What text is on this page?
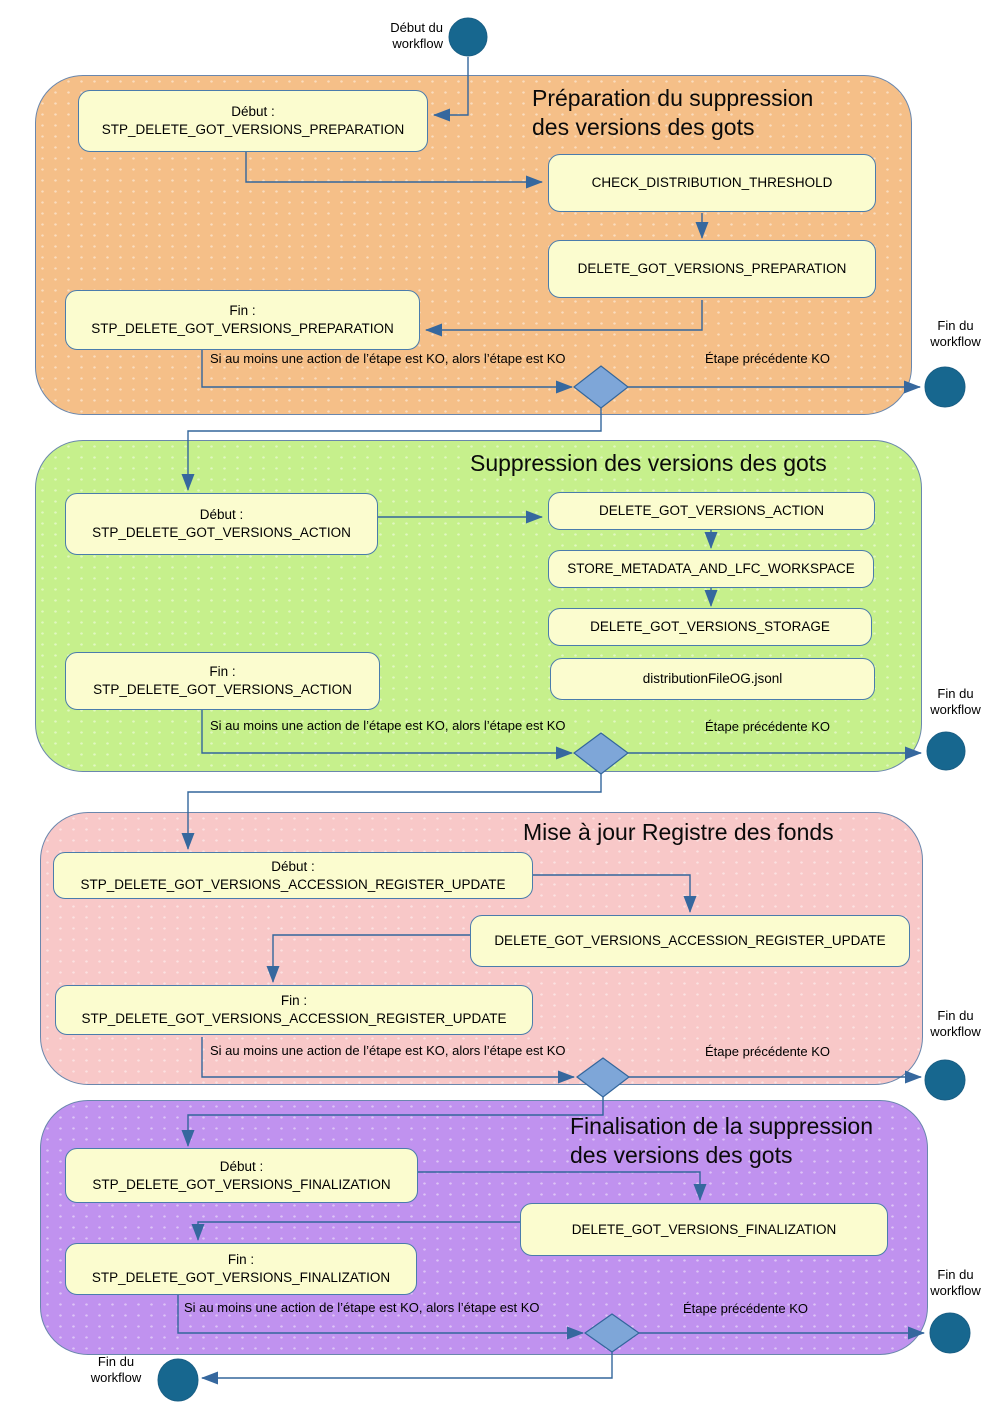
Préparation du suppression
des versions des gots
Suppression des versions des gots
Mise à jour Registre des fonds
Finalisation de la suppression
des versions des gots
Début :
STP_DELETE_GOT_VERSIONS_PREPARATION
CHECK_DISTRIBUTION_THRESHOLD
DELETE_GOT_VERSIONS_PREPARATION
Fin :
STP_DELETE_GOT_VERSIONS_PREPARATION
Début :
STP_DELETE_GOT_VERSIONS_ACTION
DELETE_GOT_VERSIONS_ACTION
STORE_METADATA_AND_LFC_WORKSPACE
DELETE_GOT_VERSIONS_STORAGE
distributionFileOG.jsonl
Fin :
STP_DELETE_GOT_VERSIONS_ACTION
Début :
STP_DELETE_GOT_VERSIONS_ACCESSION_REGISTER_UPDATE
DELETE_GOT_VERSIONS_ACCESSION_REGISTER_UPDATE
Fin :
STP_DELETE_GOT_VERSIONS_ACCESSION_REGISTER_UPDATE
Début :
STP_DELETE_GOT_VERSIONS_FINALIZATION
DELETE_GOT_VERSIONS_FINALIZATION
Fin :
STP_DELETE_GOT_VERSIONS_FINALIZATION
Début du
workflow
Fin du
workflow
Fin du
workflow
Fin du
workflow
Fin du
workflow
Fin du
workflow
Si au moins une action de l’étape est KO, alors l’étape est KO	Étape précédente KO
Si au moins une action de l’étape est KO, alors l’étape est KO	Étape précédente KO
Si au moins une action de l’étape est KO, alors l’étape est KO	Étape précédente KO
Si au moins une action de l’étape est KO, alors l’étape est KO	Étape précédente KO
